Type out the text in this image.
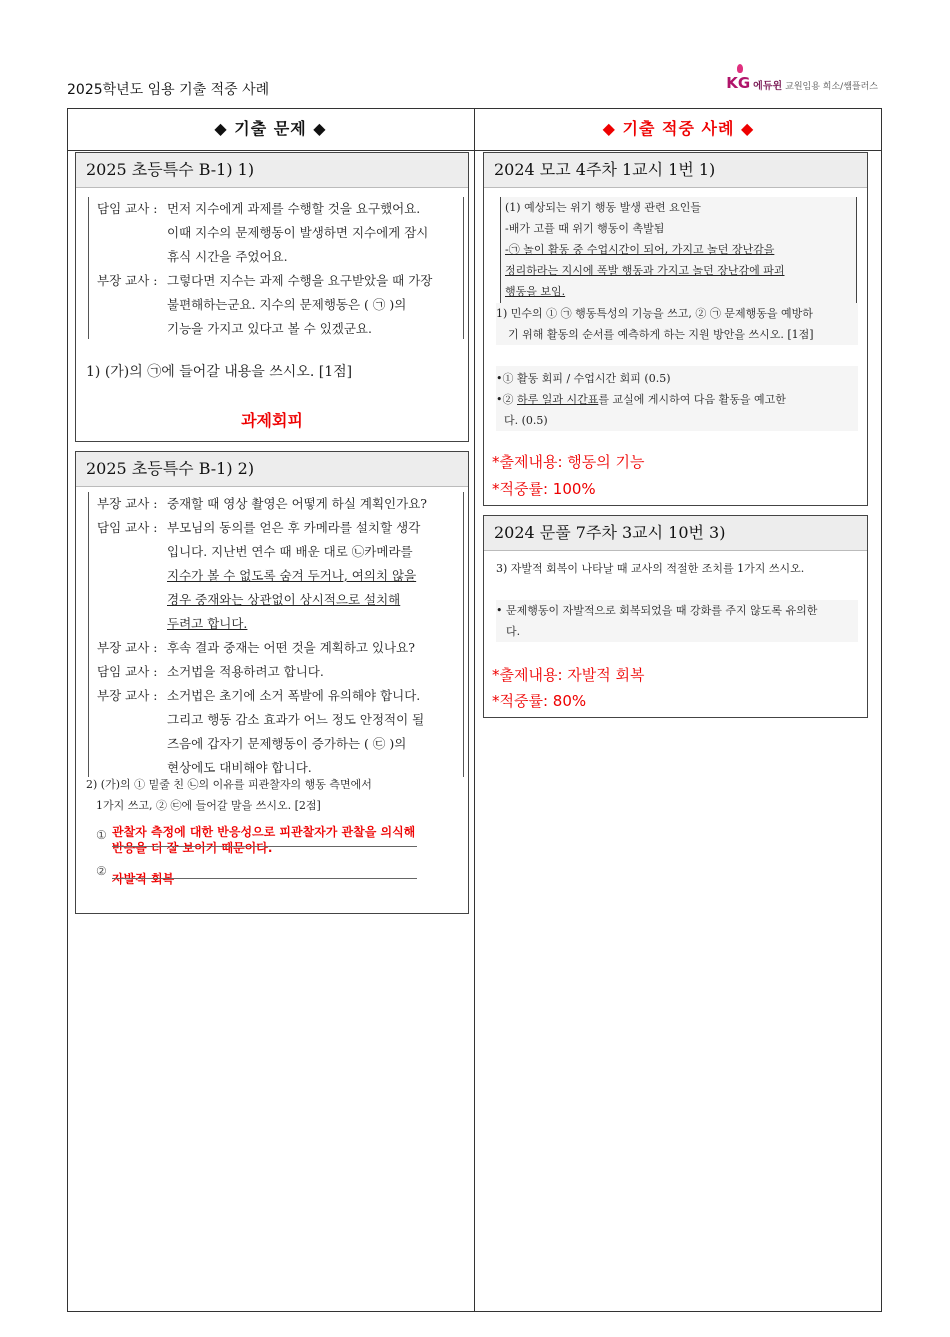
2025학년도 임용 기출 적중 사례	KG 에듀윈 교원임용 희소/쌤플러스
◆ 기출 문제 ◆	◆ 기출 적중 사례 ◆
2025 초등특수 B-1) 1)
담임 교사 : 먼저 지수에게 과제를 수행할 것을 요구했어요.
이때 지수의 문제행동이 발생하면 지수에게 잠시
휴식 시간을 주었어요.
부장 교사 : 그렇다면 지수는 과제 수행을 요구받았을 때 가장
불편해하는군요. 지수의 문제행동은 ( ㉠ )의
기능을 가지고 있다고 볼 수 있겠군요.
1) (가)의 ㉠에 들어갈 내용을 쓰시오. [1점]
과제회피
2025 초등특수 B-1) 2)
부장 교사 : 중재할 때 영상 촬영은 어떻게 하실 계획인가요?
담임 교사 : 부모님의 동의를 얻은 후 카메라를 설치할 생각
입니다. 지난번 연수 때 배운 대로 ㉡카메라를
지수가 볼 수 없도록 숨겨 두거나, 여의치 않을
경우 중재와는 상관없이 상시적으로 설치해
두려고 합니다.
부장 교사 : 후속 결과 중재는 어떤 것을 계획하고 있나요?
담임 교사 : 소거법을 적용하려고 합니다.
부장 교사 : 소거법은 초기에 소거 폭발에 유의해야 합니다.
그리고 행동 감소 효과가 어느 정도 안정적이 될
즈음에 갑자기 문제행동이 증가하는 ( ㉢ )의
현상에도 대비해야 합니다.
2) (가)의 ① 밑줄 친 ㉡의 이유를 피관찰자의 행동 측면에서
1가지 쓰고, ② ㉢에 들어갈 말을 쓰시오. [2점]
① 관찰자 측정에 대한 반응성으로 피관찰자가 관찰을 의식해
반응을 더 잘 보이기 때문이다.
②
자발적 회복
2024 모고 4주차 1교시 1번 1)
(1) 예상되는 위기 행동 발생 관련 요인들
-배가 고플 때 위기 행동이 촉발됨
-㉠ 놀이 활동 중 수업시간이 되어, 가지고 놀던 장난감을
정리하라는 지시에 폭발 행동과 가지고 놀던 장난감에 파괴
행동을 보임.
1) 민수의 ① ㉠ 행동특성의 기능을 쓰고, ② ㉠ 문제행동을 예방하
기 위해 활동의 순서를 예측하게 하는 지원 방안을 쓰시오. [1점]
•① 활동 회피 / 수업시간 회피 (0.5)
•② 하루 일과 시간표를 교실에 게시하여 다음 활동을 예고한
다. (0.5)
*출제내용: 행동의 기능
*적중률: 100%
2024 문풀 7주차 3교시 10번 3)
3) 자발적 회복이 나타날 때 교사의 적절한 조치를 1가지 쓰시오.
• 문제행동이 자발적으로 회복되었을 때 강화를 주지 않도록 유의한
다.
*출제내용: 자발적 회복
*적중률: 80%
